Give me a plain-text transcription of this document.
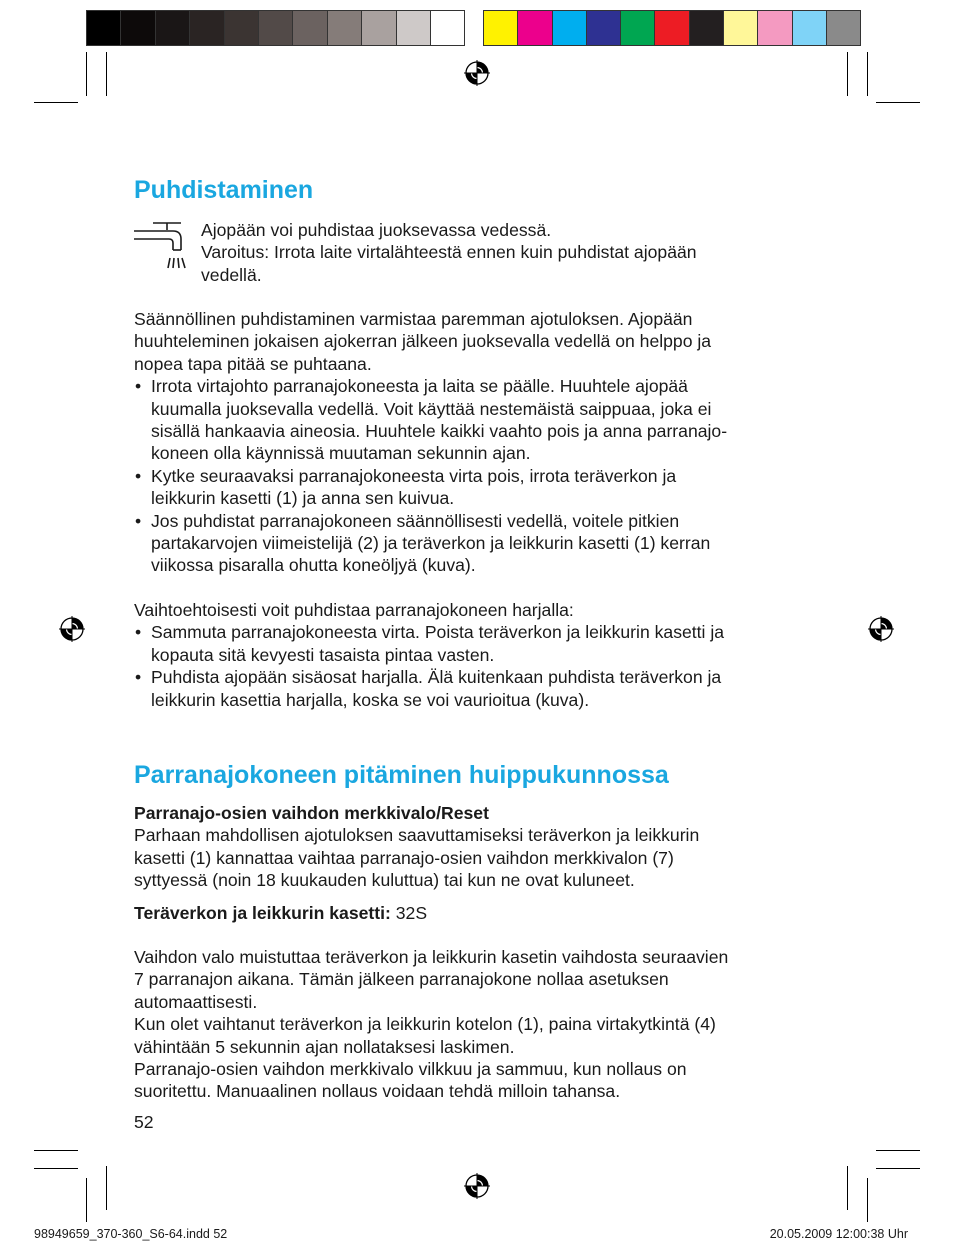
Puhdistaminen

Ajopään voi puhdistaa juoksevassa vedessä.

Varoitus: Irrota laite virtalähteestä ennen kuin puhdistat ajopään

vedellä.

Säännöllinen puhdistaminen varmistaa paremman ajotuloksen. Ajopään

huuhteleminen jokaisen ajokerran jälkeen juoksevalla vedellä on helppo ja

nopea tapa pitää se puhtaana.

• Irrota virtajohto parranajokoneesta ja laita se päälle. Huuhtele ajopää
kuumalla juoksevalla vedellä. Voit käyttää nestemäistä saippuaa, joka ei
sisällä hankaavia aineosia. Huuhtele kaikki vaahto pois ja anna parranajo-
koneen olla käynnissä muutaman sekunnin ajan.
• Kytke seuraavaksi parranajokoneesta virta pois, irrota teräverkon ja
leikkurin kasetti (1) ja anna sen kuivua.
• Jos puhdistat parranajokoneen säännöllisesti vedellä, voitele pitkien
partakarvojen viimeistelijä (2) ja teräverkon ja leikkurin kasetti (1) kerran
viikossa pisaralla ohutta koneöljyä (kuva).

Vaihtoehtoisesti voit puhdistaa parranajokoneen harjalla:

• Sammuta parranajokoneesta virta. Poista teräverkon ja leikkurin kasetti ja
kopauta sitä kevyesti tasaista pintaa vasten.
• Puhdista ajopään sisäosat harjalla. Älä kuitenkaan puhdista teräverkon ja
leikkurin kasettia harjalla, koska se voi vaurioitua (kuva).
Parranajokoneen pitäminen huippukunnossa

Parranajo-osien vaihdon merkkivalo/Reset

Parhaan mahdollisen ajotuloksen saavuttamiseksi teräverkon ja leikkurin

kasetti (1) kannattaa vaihtaa parranajo-osien vaihdon merkkivalon (7)

syttyessä (noin 18 kuukauden kuluttua) tai kun ne ovat kuluneet.

Teräverkon ja leikkurin kasetti: 32S

Vaihdon valo muistuttaa teräverkon ja leikkurin kasetin vaihdosta seuraavien

7 parranajon aikana. Tämän jälkeen parranajokone nollaa asetuksen

automaattisesti.

Kun olet vaihtanut teräverkon ja leikkurin kotelon (1), paina virtakytkintä (4)

vähintään 5 sekunnin ajan nollataksesi laskimen.

Parranajo-osien vaihdon merkkivalo vilkkuu ja sammuu, kun nollaus on

suoritettu. Manuaalinen nollaus voidaan tehdä milloin tahansa.

52
98949659_370-360_S6-64.indd 52	20.05.2009 12:00:38 Uhr
